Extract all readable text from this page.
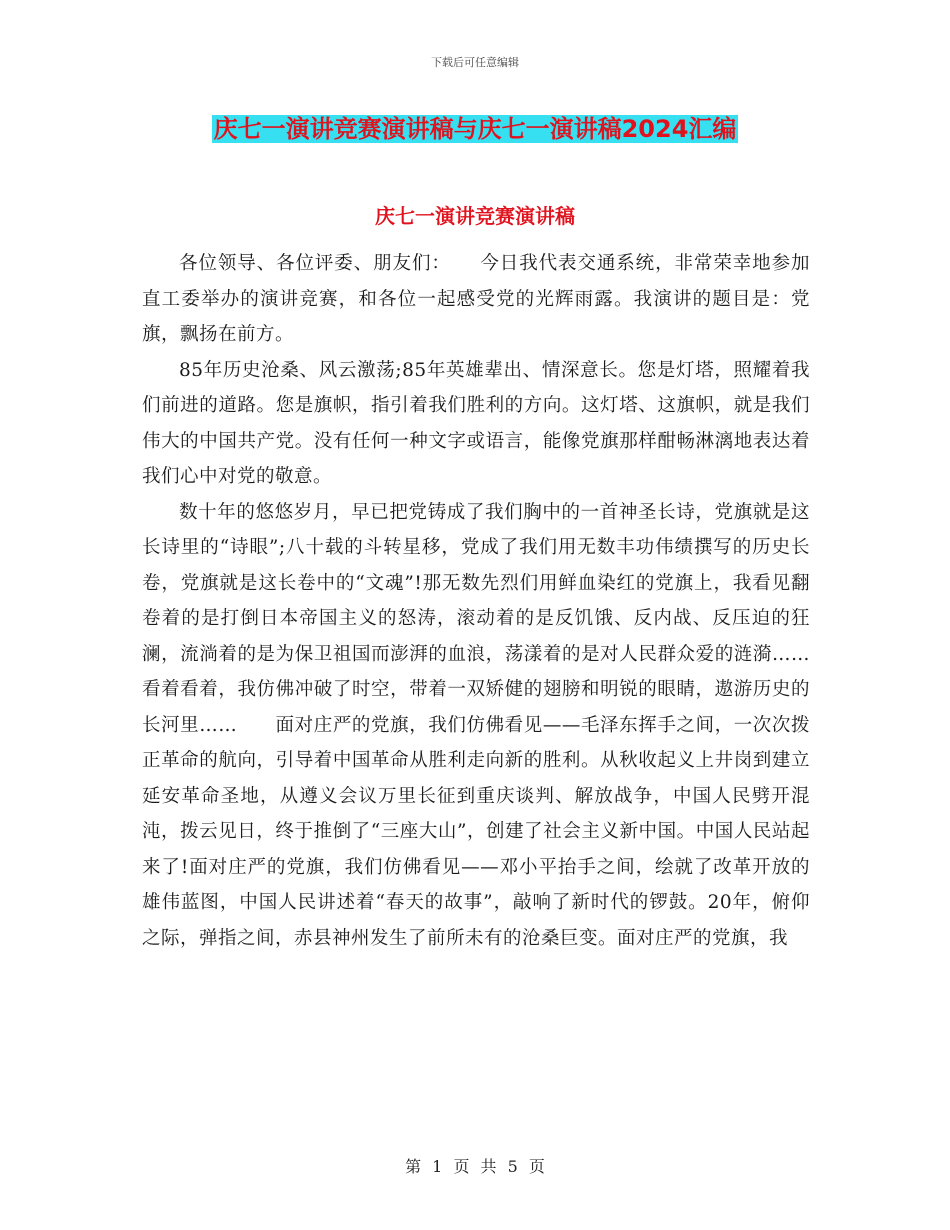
下载后可任意编辑
庆七一演讲竞赛演讲稿与庆七一演讲稿2024汇编
庆七一演讲竞赛演讲稿

各位领导、各位评委、朋友们：　　今日我代表交通系统，非常荣幸地参加直工委举办的演讲竞赛，和各位一起感受党的光辉雨露。我演讲的题目是：党旗，飘扬在前方。

85年历史沧桑、风云激荡;85年英雄辈出、情深意长。您是灯塔，照耀着我们前进的道路。您是旗帜，指引着我们胜利的方向。这灯塔、这旗帜，就是我们伟大的中国共产党。没有任何一种文字或语言，能像党旗那样酣畅淋漓地表达着我们心中对党的敬意。

数十年的悠悠岁月，早已把党铸成了我们胸中的一首神圣长诗，党旗就是这长诗里的“诗眼”;八十载的斗转星移，党成了我们用无数丰功伟绩撰写的历史长卷，党旗就是这长卷中的“文魂”!那无数先烈们用鲜血染红的党旗上，我看见翻卷着的是打倒日本帝国主义的怒涛，滚动着的是反饥饿、反内战、反压迫的狂澜，流淌着的是为保卫祖国而澎湃的血浪，荡漾着的是对人民群众爱的涟漪……看着看着，我仿佛冲破了时空，带着一双矫健的翅膀和明锐的眼睛，遨游历史的长河里……　　面对庄严的党旗，我们仿佛看见——毛泽东挥手之间，一次次拨正革命的航向，引导着中国革命从胜利走向新的胜利。从秋收起义上井岗到建立延安革命圣地，从遵义会议万里长征到重庆谈判、解放战争，中国人民劈开混沌，拨云见日，终于推倒了“三座大山”，创建了社会主义新中国。中国人民站起来了!面对庄严的党旗，我们仿佛看见——邓小平抬手之间，绘就了改革开放的雄伟蓝图，中国人民讲述着“春天的故事”，敲响了新时代的锣鼓。20年，俯仰之际，弹指之间，赤县神州发生了前所未有的沧桑巨变。面对庄严的党旗，我

第 1 页 共 5 页
